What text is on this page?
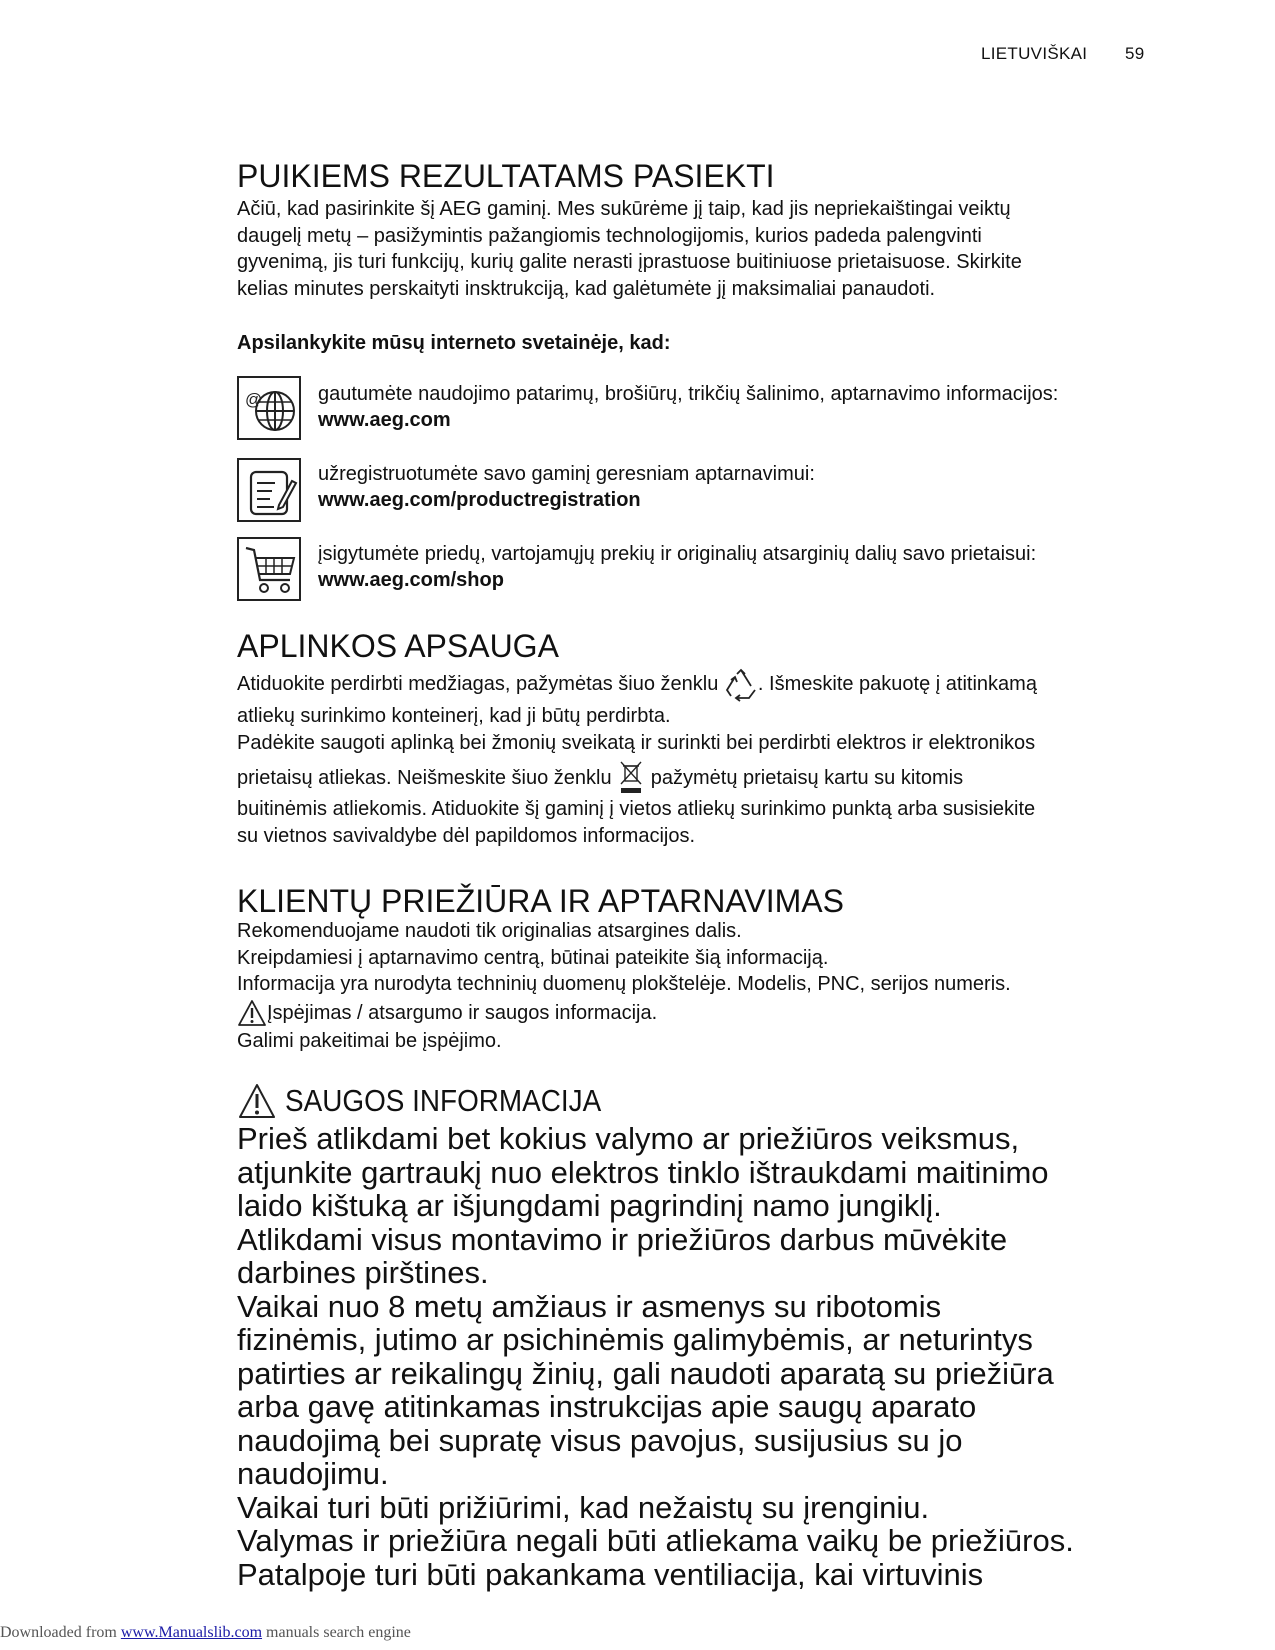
LIETUVIŠKAI 59
PUIKIEMS REZULTATAMS PASIEKTI
Ačiū, kad pasirinkite šį AEG gaminį. Mes sukūrėme jį taip, kad jis nepriekaištingai veiktų
daugelį metų – pasižymintis pažangiomis technologijomis, kurios padeda palengvinti
gyvenimą, jis turi funkcijų, kurių galite nerasti įprastuose buitiniuose prietaisuose. Skirkite
kelias minutes perskaityti insktrukciją, kad galėtumėte jį maksimaliai panaudoti.
Apsilankykite mūsų interneto svetainėje, kad:
@	gautumėte naudojimo patarimų, brošiūrų, trikčių šalinimo, aptarnavimo informacijos:
www.aeg.com
užregistruotumėte savo gaminį geresniam aptarnavimui:
www.aeg.com/productregistration
įsigytumėte priedų, vartojamųjų prekių ir originalių atsarginių dalių savo prietaisui:
www.aeg.com/shop
APLINKOS APSAUGA
Atiduokite perdirbti medžiagas, pažymėtas šiuo ženklu . Išmeskite pakuotę į atitinkamą
atliekų surinkimo konteinerį, kad ji būtų perdirbta.
Padėkite saugoti aplinką bei žmonių sveikatą ir surinkti bei perdirbti elektros ir elektronikos
prietaisų atliekas. Neišmeskite šiuo ženklu pažymėtų prietaisų kartu su kitomis
buitinėmis atliekomis. Atiduokite šį gaminį į vietos atliekų surinkimo punktą arba susisiekite
su vietnos savivaldybe dėl papildomos informacijos.
KLIENTŲ PRIEŽIŪRA IR APTARNAVIMAS
Rekomenduojame naudoti tik originalias atsargines dalis.
Kreipdamiesi į aptarnavimo centrą, būtinai pateikite šią informaciją.
Informacija yra nurodyta techninių duomenų plokštelėje. Modelis, PNC, serijos numeris.
Įspėjimas / atsargumo ir saugos informacija.
Galimi pakeitimai be įspėjimo.
SAUGOS INFORMACIJA
Prieš atlikdami bet kokius valymo ar priežiūros veiksmus,
atjunkite gartraukį nuo elektros tinklo ištraukdami maitinimo
laido kištuką ar išjungdami pagrindinį namo jungiklį.
Atlikdami visus montavimo ir priežiūros darbus mūvėkite
darbines pirštines.
Vaikai nuo 8 metų amžiaus ir asmenys su ribotomis
fizinėmis, jutimo ar psichinėmis galimybėmis, ar neturintys
patirties ar reikalingų žinių, gali naudoti aparatą su priežiūra
arba gavę atitinkamas instrukcijas apie saugų aparato
naudojimą bei supratę visus pavojus, susijusius su jo
naudojimu.
Vaikai turi būti prižiūrimi, kad nežaistų su įrenginiu.
Valymas ir priežiūra negali būti atliekama vaikų be priežiūros.
Patalpoje turi būti pakankama ventiliacija, kai virtuvinis
Downloaded from www.Manualslib.com manuals search engine
